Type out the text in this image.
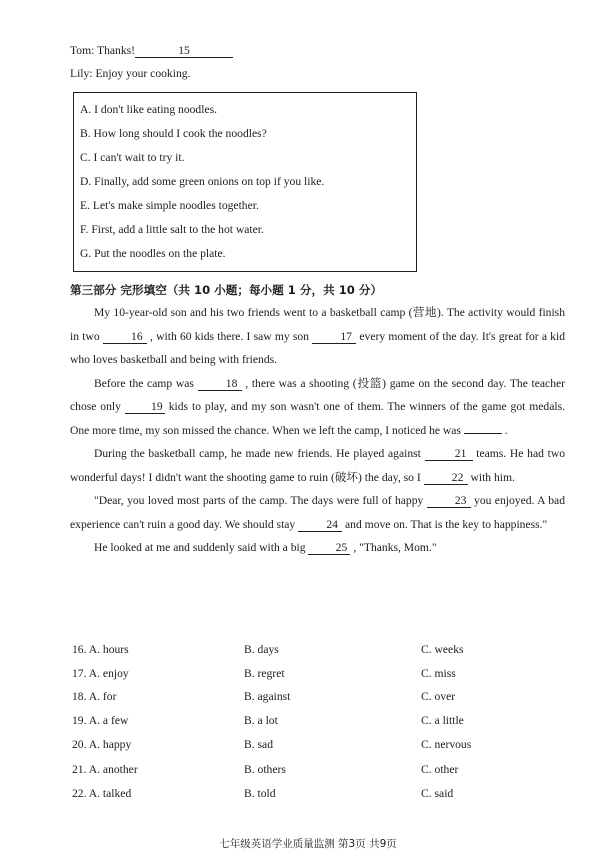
Tom: Thanks!	15
Lily: Enjoy your cooking.
A. I don't like eating noodles.
B. How long should I cook the noodles?
C. I can't wait to try it.
D. Finally, add some green onions on top if you like.
E. Let's make simple noodles together.
F. First, add a little salt to the hot water.
G. Put the noodles on the plate.
第三部分 完形填空（共 10 小题；每小题 1 分，共 10 分）

My 10-year-old son and his two friends went to a basketball camp (营地). The activity would finish in two 16 , with 60 kids there. I saw my son 17 every moment of the day. It's great for a kid who loves basketball and being with friends.

Before the camp was 18 , there was a shooting (投篮) game on the second day. The teacher chose only 19 kids to play, and my son wasn't one of them. The winners of the game got medals. One more time, my son missed the chance. When we left the camp, I noticed he was	.

During the basketball camp, he made new friends. He played against	21 teams. He had two wonderful days! I didn't want the shooting game to ruin (破坏) the day, so I 22 with him.

"Dear, you loved most parts of the camp. The days were full of happy 23 you enjoyed. A bad experience can't ruin a good day. We should stay 24 and move on. That is the key to happiness."

He looked at me and suddenly said with a big 25 , "Thanks, Mom."

16. A. hours	B. days	C. weeks
17. A. enjoy	B. regret	C. miss
18. A. for	B. against	C. over
19. A. a few	B. a lot	C. a little
20. A. happy	B. sad	C. nervous
21. A. another	B. others	C. other
22. A. talked	B. told	C. said
七年级英语学业质量监测 第3页 共9页
